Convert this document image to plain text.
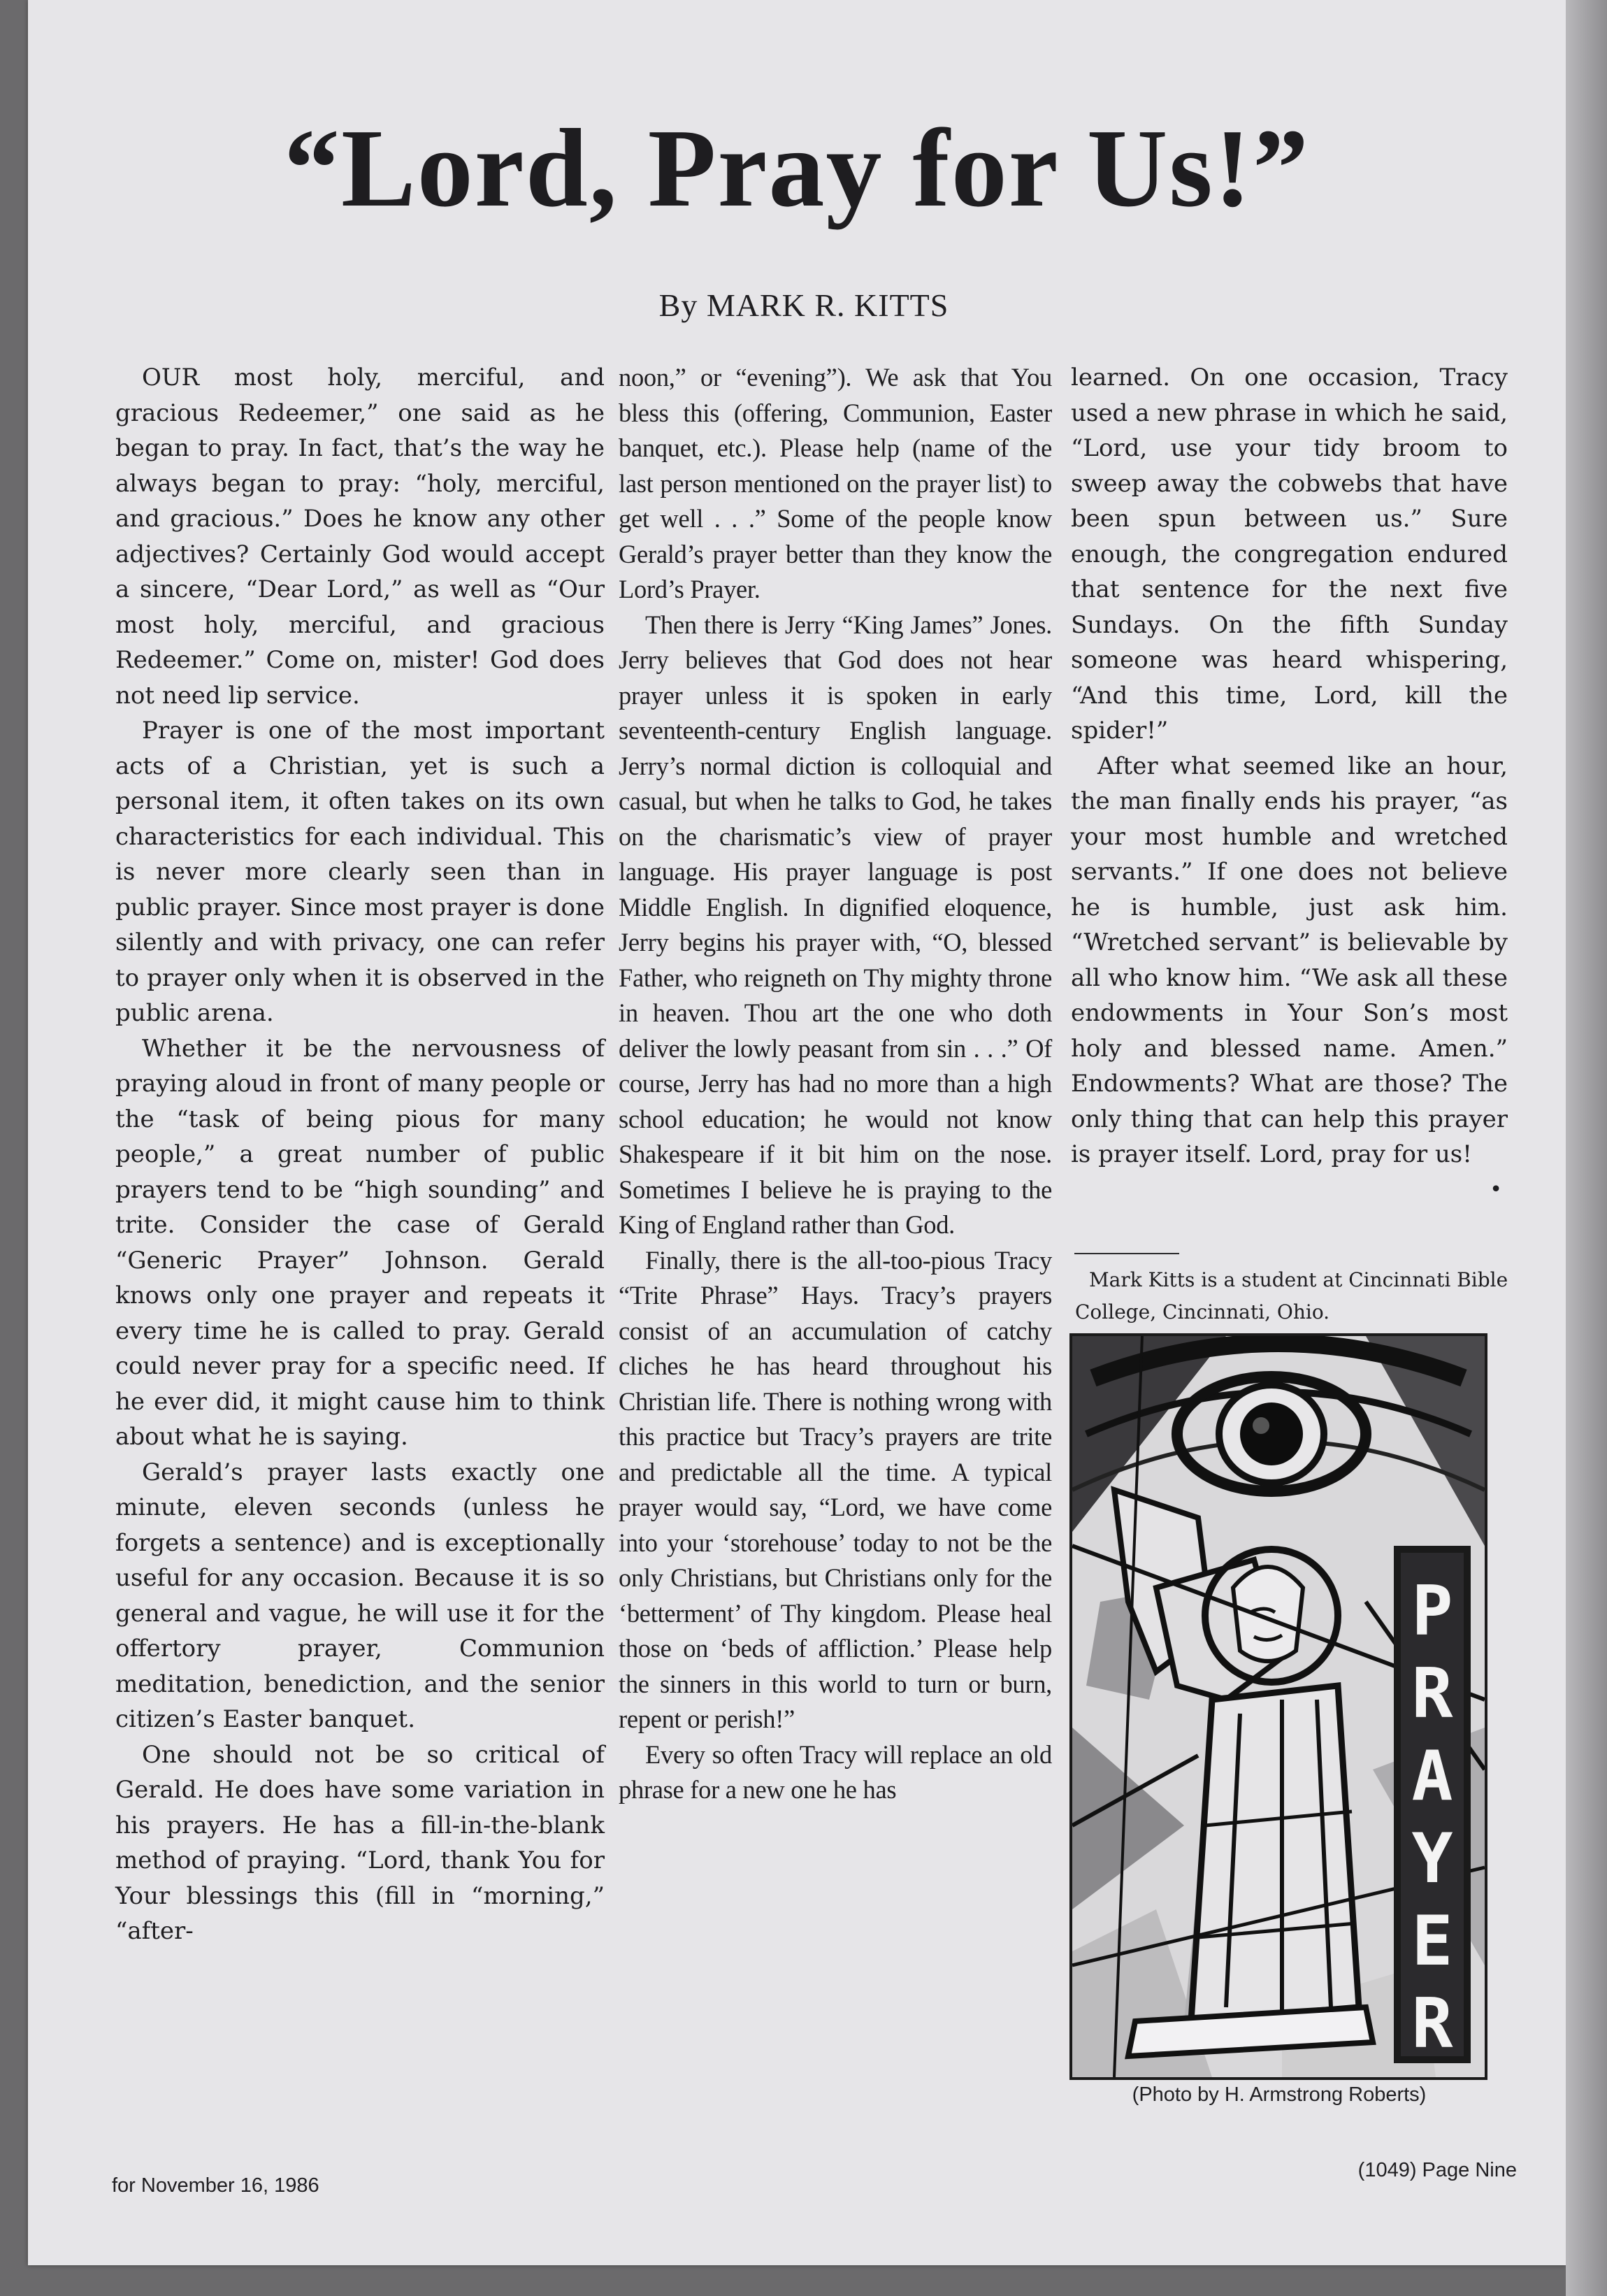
“Lord, Pray for Us!”
By MARK R. KITTS

OUR most holy, merciful, and gracious Redeemer,” one said as he began to pray. In fact, that’s the way he always began to pray: “holy, merciful, and gracious.” Does he know any other adjectives? Certainly God would accept a sincere, “Dear Lord,” as well as “Our most holy, merciful, and gracious Redeemer.” Come on, mister! God does not need lip service.

Prayer is one of the most important acts of a Christian, yet is such a personal item, it often takes on its own characteristics for each individual. This is never more clearly seen than in public prayer. Since most prayer is done silently and with privacy, one can refer to prayer only when it is observed in the public arena.

Whether it be the nervousness of praying aloud in front of many people or the “task of being pious for many people,” a great number of public prayers tend to be “high sounding” and trite. Consider the case of Gerald “Generic Prayer” Johnson. Gerald knows only one prayer and repeats it every time he is called to pray. Gerald could never pray for a specific need. If he ever did, it might cause him to think about what he is saying.

Gerald’s prayer lasts exactly one minute, eleven seconds (unless he forgets a sentence) and is exceptionally useful for any occasion. Because it is so general and vague, he will use it for the offertory prayer, Communion meditation, benediction, and the senior citizen’s Easter banquet.

One should not be so critical of Gerald. He does have some variation in his prayers. He has a fill-in-the-blank method of praying. “Lord, thank You for Your blessings this (fill in “morning,” “after-

noon,” or “evening”). We ask that You bless this (offering, Communion, Easter banquet, etc.). Please help (name of the last person mentioned on the prayer list) to get well . . .” Some of the people know Gerald’s prayer better than they know the Lord’s Prayer.

Then there is Jerry “King James” Jones. Jerry believes that God does not hear prayer unless it is spoken in early seventeenth-century English language. Jerry’s normal diction is colloquial and casual, but when he talks to God, he takes on the charismatic’s view of prayer language. His prayer language is post Middle English. In dignified eloquence, Jerry begins his prayer with, “O, blessed Father, who reigneth on Thy mighty throne in heaven. Thou art the one who doth deliver the lowly peasant from sin . . .” Of course, Jerry has had no more than a high school education; he would not know Shakespeare if it bit him on the nose. Sometimes I believe he is praying to the King of England rather than God.

Finally, there is the all-too-pious Tracy “Trite Phrase” Hays. Tracy’s prayers consist of an accumulation of catchy cliches he has heard throughout his Christian life. There is nothing wrong with this practice but Tracy’s prayers are trite and predictable all the time. A typical prayer would say, “Lord, we have come into your ‘storehouse’ today to not be the only Christians, but Christians only for the ‘betterment’ of Thy kingdom. Please heal those on ‘beds of affliction.’ Please help the sinners in this world to turn or burn, repent or perish!”

Every so often Tracy will replace an old phrase for a new one he has

learned. On one occasion, Tracy used a new phrase in which he said, “Lord, use your tidy broom to sweep away the cobwebs that have been spun between us.” Sure enough, the congregation endured that sentence for the next five Sundays. On the fifth Sunday someone was heard whispering, “And this time, Lord, kill the spider!”

After what seemed like an hour, the man finally ends his prayer, “as your most humble and wretched servants.” If one does not believe he is humble, just ask him. “Wretched servant” is believable by all who know him. “We ask all these endowments in Your Son’s most holy and blessed name. Amen.” Endowments? What are those? The only thing that can help this prayer is prayer itself. Lord, pray for us!
•

Mark Kitts is a student at Cincinnati Bible College, Cincinnati, Ohio.
PRAYER
(Photo by H. Armstrong Roberts)
for November 16, 1986
(1049) Page Nine
